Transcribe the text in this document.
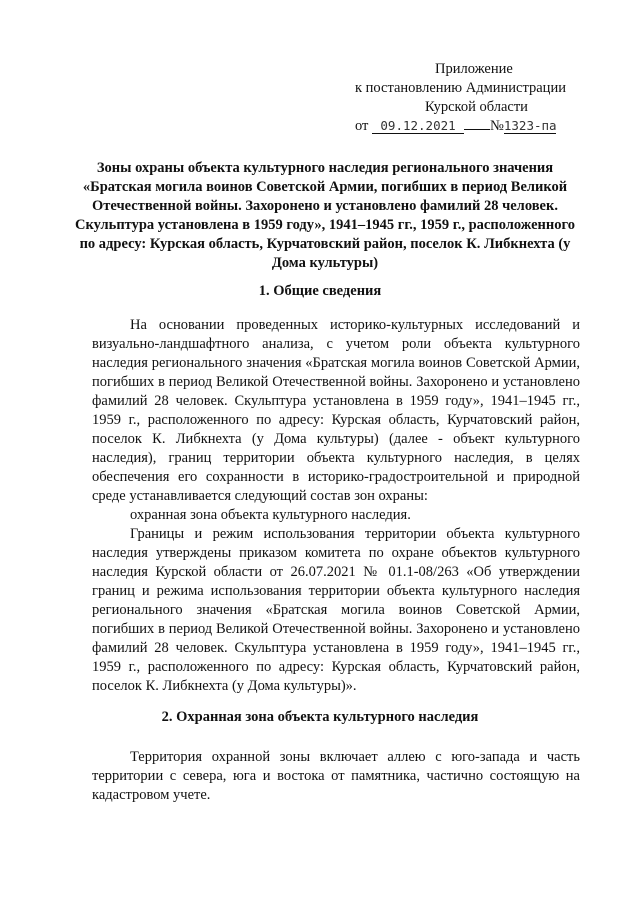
Приложение
к постановлению Администрации
Курской области
от 09.12.2021 №1323-па
Зоны охраны объекта культурного наследия регионального значения «Братская могила воинов Советской Армии, погибших в период Великой Отечественной войны. Захоронено и установлено фамилий 28 человек. Скульптура установлена в 1959 году», 1941–1945 гг., 1959 г., расположенного по адресу: Курская область, Курчатовский район, поселок К. Либкнехта (у Дома культуры)
1. Общие сведения

На основании проведенных историко-культурных исследований и визуально-ландшафтного анализа, с учетом роли объекта культурного наследия регионального значения «Братская могила воинов Советской Армии, погибших в период Великой Отечественной войны. Захоронено и установлено фамилий 28 человек. Скульптура установлена в 1959 году», 1941–1945 гг., 1959 г., расположенного по адресу: Курская область, Курчатовский район, поселок К. Либкнехта (у Дома культуры) (далее - объект культурного наследия), границ территории объекта культурного наследия, в целях обеспечения его сохранности в историко-градостроительной и природной среде устанавливается следующий состав зон охраны:

охранная зона объекта культурного наследия.

Границы и режим использования территории объекта культурного наследия утверждены приказом комитета по охране объектов культурного наследия Курской области от 26.07.2021 № 01.1-08/263 «Об утверждении границ и режима использования территории объекта культурного наследия регионального значения «Братская могила воинов Советской Армии, погибших в период Великой Отечественной войны. Захоронено и установлено фамилий 28 человек. Скульптура установлена в 1959 году», 1941–1945 гг., 1959 г., расположенного по адресу: Курская область, Курчатовский район, поселок К. Либкнехта (у Дома культуры)».

2. Охранная зона объекта культурного наследия

Территория охранной зоны включает аллею с юго-запада и часть территории с севера, юга и востока от памятника, частично состоящую на кадастровом учете.
